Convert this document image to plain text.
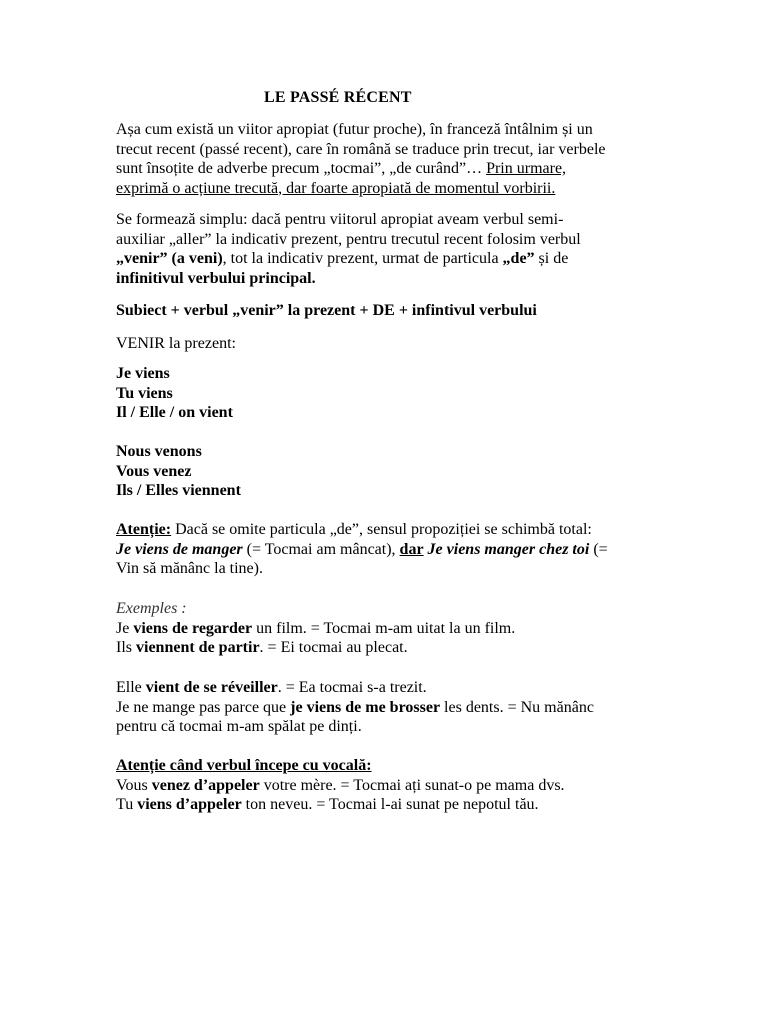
LE PASSÉ RÉCENT

Așa cum există un viitor apropiat (futur proche), în franceză întâlnim și un

trecut recent (passé recent), care în română se traduce prin trecut, iar verbele

sunt însoțite de adverbe precum „tocmai”, „de curând”… Prin urmare,

exprimă o acțiune trecută, dar foarte apropiată de momentul vorbirii.

Se formează simplu: dacă pentru viitorul apropiat aveam verbul semi-

auxiliar „aller” la indicativ prezent, pentru trecutul recent folosim verbul

„venir” (a veni), tot la indicativ prezent, urmat de particula „de” și de

infinitivul verbului principal.

Subiect + verbul „venir” la prezent + DE + infintivul verbului

VENIR la prezent:

Je viens

Tu viens

Il / Elle / on vient

Nous venons

Vous venez

Ils / Elles viennent

Atenție: Dacă se omite particula „de”, sensul propoziției se schimbă total:

Je viens de manger (= Tocmai am mâncat), dar Je viens manger chez toi (=

Vin să mănânc la tine).

Exemples :

Je viens de regarder un film. = Tocmai m-am uitat la un film.

Ils viennent de partir. = Ei tocmai au plecat.

Elle vient de se réveiller. = Ea tocmai s-a trezit.

Je ne mange pas parce que je viens de me brosser les dents. = Nu mănânc

pentru că tocmai m-am spălat pe dinți.

Atenție când verbul începe cu vocală:

Vous venez d’appeler votre mère. = Tocmai ați sunat-o pe mama dvs.

Tu viens d’appeler ton neveu. = Tocmai l-ai sunat pe nepotul tău.
